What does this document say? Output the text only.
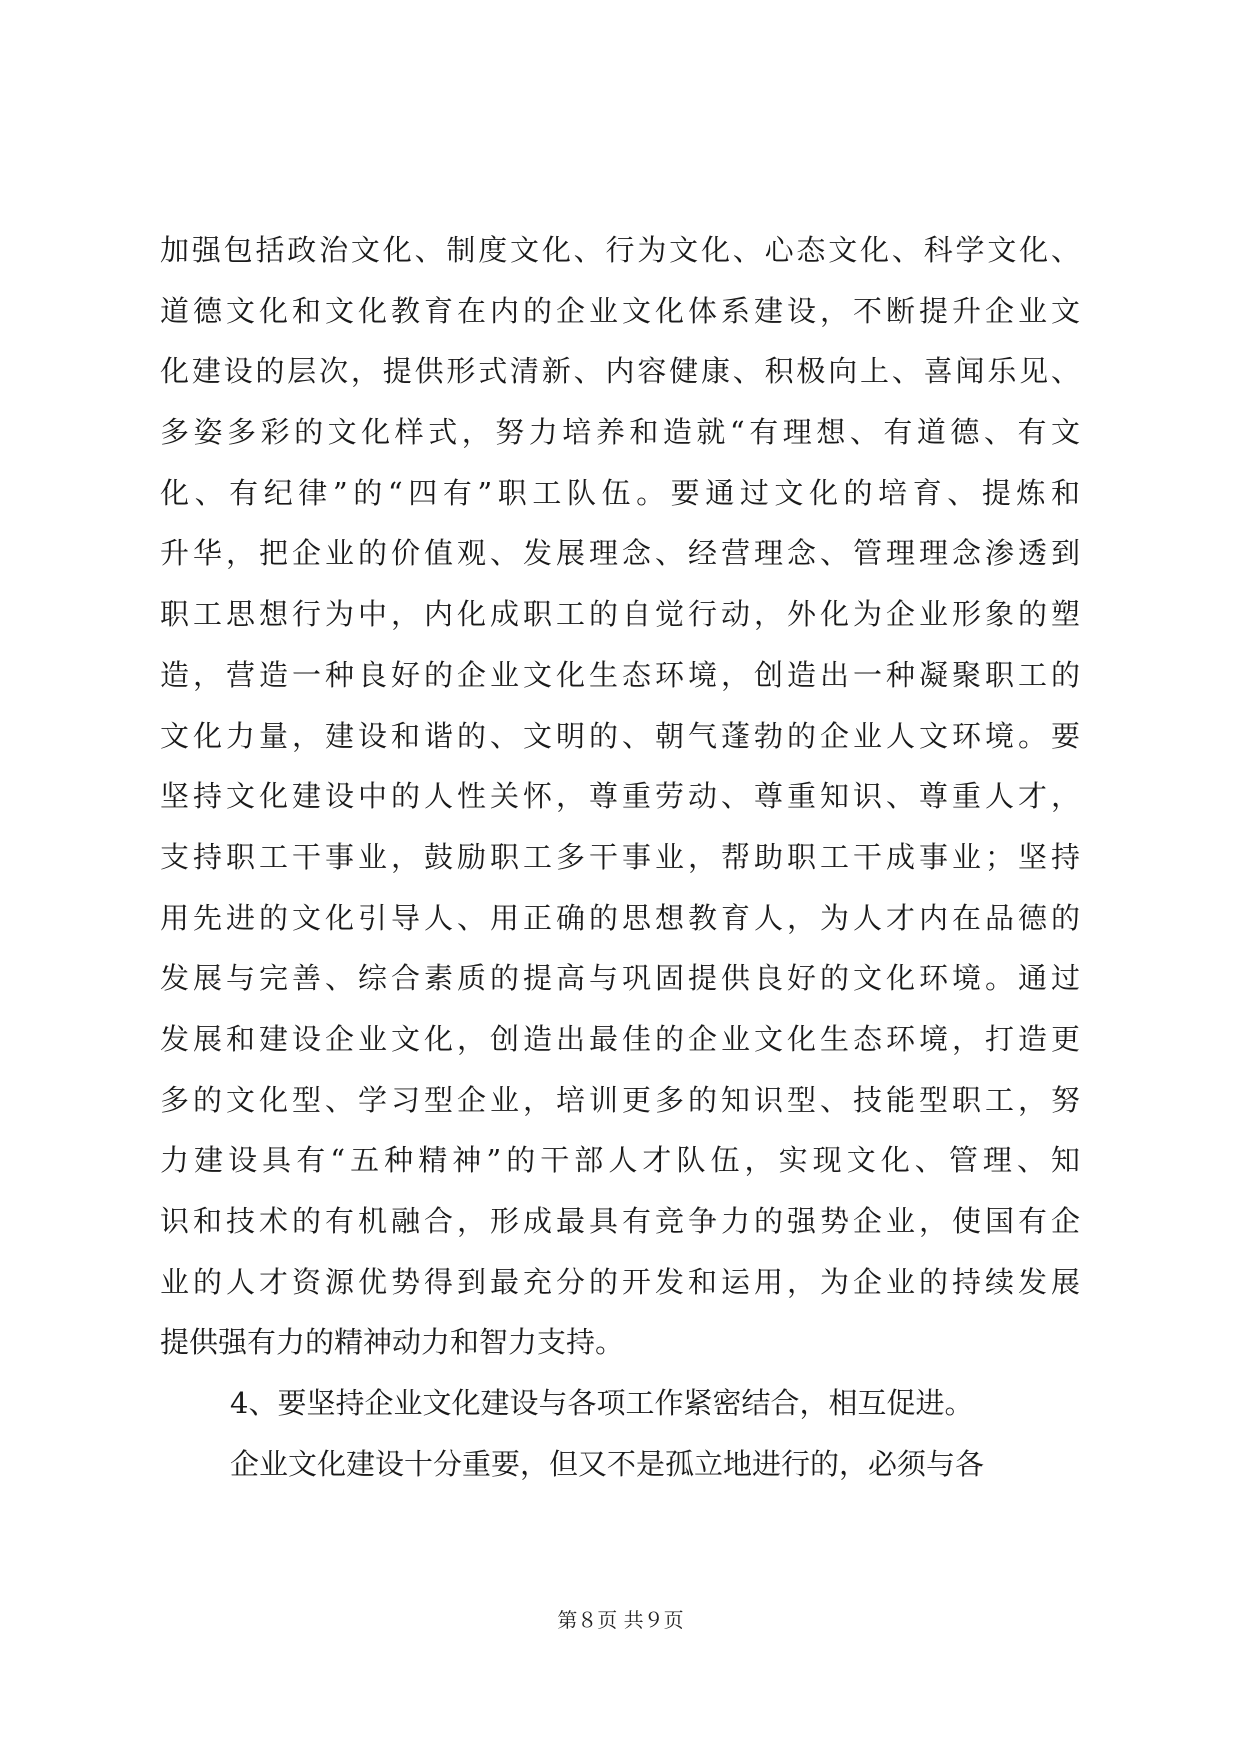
加强包括政治文化、制度文化、行为文化、心态文化、科学文化、
道德文化和文化教育在内的企业文化体系建设，不断提升企业文
化建设的层次，提供形式清新、内容健康、积极向上、喜闻乐见、
多姿多彩的文化样式，努力培养和造就“有理想、有道德、有文
化、有纪律”的“四有”职工队伍。要通过文化的培育、提炼和
升华，把企业的价值观、发展理念、经营理念、管理理念渗透到
职工思想行为中，内化成职工的自觉行动，外化为企业形象的塑
造，营造一种良好的企业文化生态环境，创造出一种凝聚职工的
文化力量，建设和谐的、文明的、朝气蓬勃的企业人文环境。要
坚持文化建设中的人性关怀，尊重劳动、尊重知识、尊重人才，
支持职工干事业，鼓励职工多干事业，帮助职工干成事业；坚持
用先进的文化引导人、用正确的思想教育人，为人才内在品德的
发展与完善、综合素质的提高与巩固提供良好的文化环境。通过
发展和建设企业文化，创造出最佳的企业文化生态环境，打造更
多的文化型、学习型企业，培训更多的知识型、技能型职工，努
力建设具有“五种精神”的干部人才队伍，实现文化、管理、知
识和技术的有机融合，形成最具有竞争力的强势企业，使国有企
业的人才资源优势得到最充分的开发和运用，为企业的持续发展
提供强有力的精神动力和智力支持。
4、要坚持企业文化建设与各项工作紧密结合，相互促进。
企业文化建设十分重要，但又不是孤立地进行的，必须与各
第８页 共９页
